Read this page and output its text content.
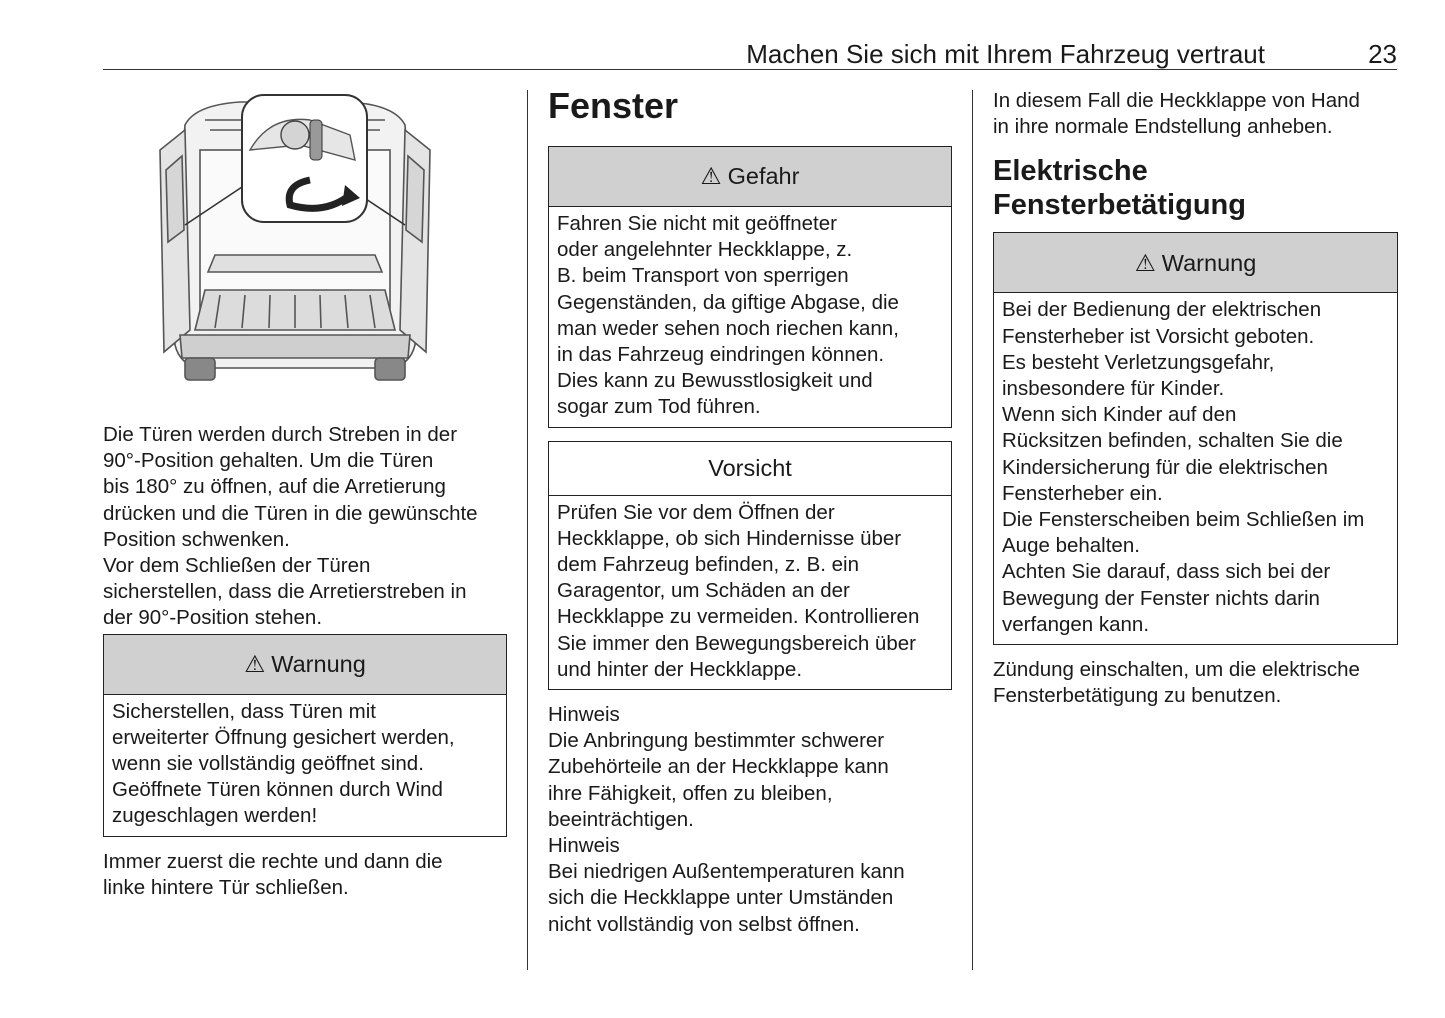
Machen Sie sich mit Ihrem Fahrzeug vertraut	23

Die Türen werden durch Streben in der

90°-Position gehalten. Um die Türen

bis 180° zu öffnen, auf die Arretierung

drücken und die Türen in die gewünschte

Position schwenken.

Vor dem Schließen der Türen

sicherstellen, dass die Arretierstreben in

der 90°-Position stehen.

⚠ Warnung

Sicherstellen, dass Türen mit

erweiterter Öffnung gesichert werden,

wenn sie vollständig geöffnet sind.

Geöffnete Türen können durch Wind

zugeschlagen werden!

Immer zuerst die rechte und dann die

linke hintere Tür schließen.

Fenster
⚠ Gefahr

Fahren Sie nicht mit geöffneter

oder angelehnter Heckklappe, z.

B. beim Transport von sperrigen

Gegenständen, da giftige Abgase, die

man weder sehen noch riechen kann,

in das Fahrzeug eindringen können.

Dies kann zu Bewusstlosigkeit und

sogar zum Tod führen.

Vorsicht

Prüfen Sie vor dem Öffnen der

Heckklappe, ob sich Hindernisse über

dem Fahrzeug befinden, z. B. ein

Garagentor, um Schäden an der

Heckklappe zu vermeiden. Kontrollieren

Sie immer den Bewegungsbereich über

und hinter der Heckklappe.

Hinweis

Die Anbringung bestimmter schwerer

Zubehörteile an der Heckklappe kann

ihre Fähigkeit, offen zu bleiben,

beeinträchtigen.

Hinweis

Bei niedrigen Außentemperaturen kann

sich die Heckklappe unter Umständen

nicht vollständig von selbst öffnen.

In diesem Fall die Heckklappe von Hand

in ihre normale Endstellung anheben.

Elektrische Fensterbetätigung
⚠ Warnung

Bei der Bedienung der elektrischen

Fensterheber ist Vorsicht geboten.

Es besteht Verletzungsgefahr,

insbesondere für Kinder.

Wenn sich Kinder auf den

Rücksitzen befinden, schalten Sie die

Kindersicherung für die elektrischen

Fensterheber ein.

Die Fensterscheiben beim Schließen im

Auge behalten.

Achten Sie darauf, dass sich bei der

Bewegung der Fenster nichts darin

verfangen kann.

Zündung einschalten, um die elektrische

Fensterbetätigung zu benutzen.
